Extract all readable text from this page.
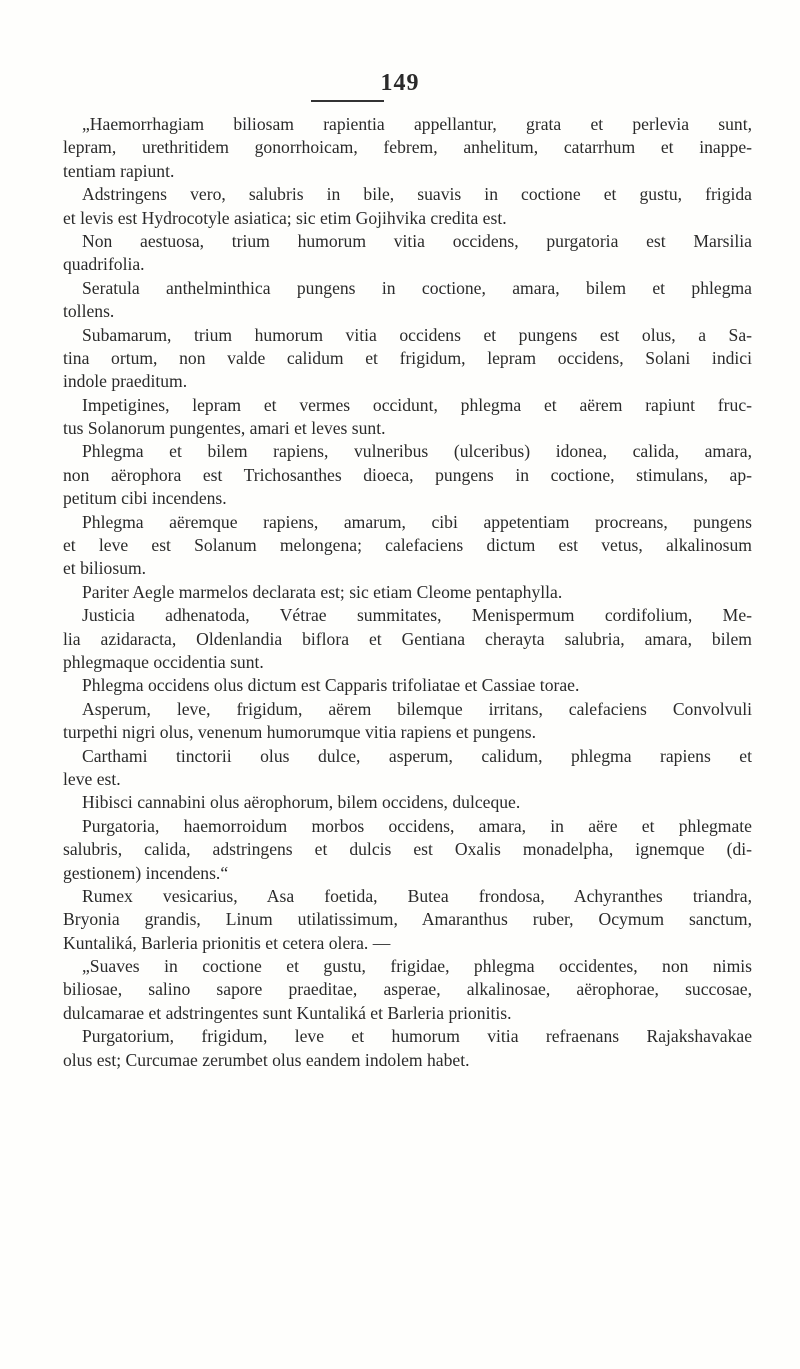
149
„Haemorrhagiam biliosam rapientia appellantur, grata et perlevia sunt,
lepram, urethritidem gonorrhoicam, febrem, anhelitum, catarrhum et inappe-
tentiam rapiunt.
Adstringens vero, salubris in bile, suavis in coctione et gustu, frigida
et levis est Hydrocotyle asiatica; sic etim Gojihvika credita est.
Non aestuosa, trium humorum vitia occidens, purgatoria est Marsilia
quadrifolia.
Seratula anthelminthica pungens in coctione, amara, bilem et phlegma
tollens.
Subamarum, trium humorum vitia occidens et pungens est olus, a Sa-
tina ortum, non valde calidum et frigidum, lepram occidens, Solani indici
indole praeditum.
Impetigines, lepram et vermes occidunt, phlegma et aërem rapiunt fruc-
tus Solanorum pungentes, amari et leves sunt.
Phlegma et bilem rapiens, vulneribus (ulceribus) idonea, calida, amara,
non aërophora est Trichosanthes dioeca, pungens in coctione, stimulans, ap-
petitum cibi incendens.
Phlegma aëremque rapiens, amarum, cibi appetentiam procreans, pungens
et leve est Solanum melongena; calefaciens dictum est vetus, alkalinosum
et biliosum.
Pariter Aegle marmelos declarata est; sic etiam Cleome pentaphylla.
Justicia adhenatoda, Vétrae summitates, Menispermum cordifolium, Me-
lia azidaracta, Oldenlandia biflora et Gentiana cherayta salubria, amara, bilem
phlegmaque occidentia sunt.
Phlegma occidens olus dictum est Capparis trifoliatae et Cassiae torae.
Asperum, leve, frigidum, aërem bilemque irritans, calefaciens Convolvuli
turpethi nigri olus, venenum humorumque vitia rapiens et pungens.
Carthami tinctorii olus dulce, asperum, calidum, phlegma rapiens et
leve est.
Hibisci cannabini olus aërophorum, bilem occidens, dulceque.
Purgatoria, haemorroidum morbos occidens, amara, in aëre et phlegmate
salubris, calida, adstringens et dulcis est Oxalis monadelpha, ignemque (di-
gestionem) incendens.“
Rumex vesicarius, Asa foetida, Butea frondosa, Achyranthes triandra,
Bryonia grandis, Linum utilatissimum, Amaranthus ruber, Ocymum sanctum,
Kuntaliká, Barleria prionitis et cetera olera. —
„Suaves in coctione et gustu, frigidae, phlegma occidentes, non nimis
biliosae, salino sapore praeditae, asperae, alkalinosae, aërophorae, succosae,
dulcamarae et adstringentes sunt Kuntaliká et Barleria prionitis.
Purgatorium, frigidum, leve et humorum vitia refraenans Rajakshavakae
olus est; Curcumae zerumbet olus eandem indolem habet.
